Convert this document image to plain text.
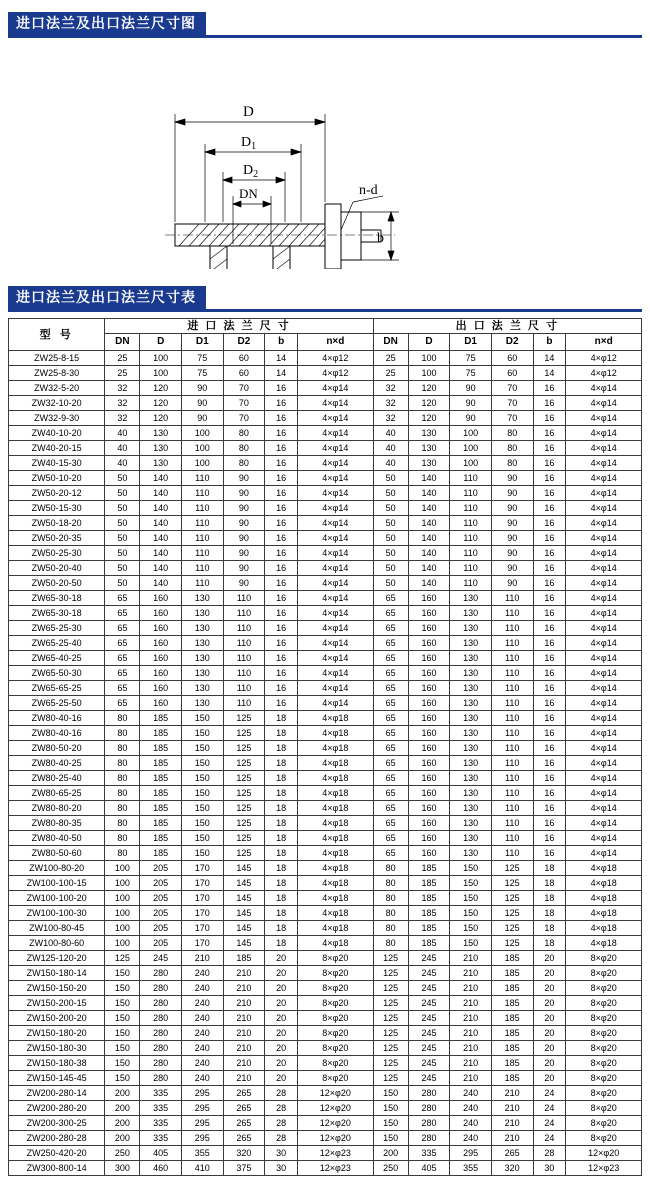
进口法兰及出口法兰尺寸图
D
$D_1$
$D_2$
DN	n-d
b
进口法兰及出口法兰尺寸表
型 号	进 口 法 兰 尺 寸						出 口 法 兰 尺 寸					
	DN	D	D1	D2	b	n×d	DN	D	D1	D2	b	n×d
ZW25-8-15	25	100	75	60	14	4×φ12	25	100	75	60	14	4×φ12
ZW25-8-30	25	100	75	60	14	4×φ12	25	100	75	60	14	4×φ12
ZW32-5-20	32	120	90	70	16	4×φ14	32	120	90	70	16	4×φ14
ZW32-10-20	32	120	90	70	16	4×φ14	32	120	90	70	16	4×φ14
ZW32-9-30	32	120	90	70	16	4×φ14	32	120	90	70	16	4×φ14
ZW40-10-20	40	130	100	80	16	4×φ14	40	130	100	80	16	4×φ14
ZW40-20-15	40	130	100	80	16	4×φ14	40	130	100	80	16	4×φ14
ZW40-15-30	40	130	100	80	16	4×φ14	40	130	100	80	16	4×φ14
ZW50-10-20	50	140	110	90	16	4×φ14	50	140	110	90	16	4×φ14
ZW50-20-12	50	140	110	90	16	4×φ14	50	140	110	90	16	4×φ14
ZW50-15-30	50	140	110	90	16	4×φ14	50	140	110	90	16	4×φ14
ZW50-18-20	50	140	110	90	16	4×φ14	50	140	110	90	16	4×φ14
ZW50-20-35	50	140	110	90	16	4×φ14	50	140	110	90	16	4×φ14
ZW50-25-30	50	140	110	90	16	4×φ14	50	140	110	90	16	4×φ14
ZW50-20-40	50	140	110	90	16	4×φ14	50	140	110	90	16	4×φ14
ZW50-20-50	50	140	110	90	16	4×φ14	50	140	110	90	16	4×φ14
ZW65-30-18	65	160	130	110	16	4×φ14	65	160	130	110	16	4×φ14
ZW65-30-18	65	160	130	110	16	4×φ14	65	160	130	110	16	4×φ14
ZW65-25-30	65	160	130	110	16	4×φ14	65	160	130	110	16	4×φ14
ZW65-25-40	65	160	130	110	16	4×φ14	65	160	130	110	16	4×φ14
ZW65-40-25	65	160	130	110	16	4×φ14	65	160	130	110	16	4×φ14
ZW65-50-30	65	160	130	110	16	4×φ14	65	160	130	110	16	4×φ14
ZW65-65-25	65	160	130	110	16	4×φ14	65	160	130	110	16	4×φ14
ZW65-25-50	65	160	130	110	16	4×φ14	65	160	130	110	16	4×φ14
ZW80-40-16	80	185	150	125	18	4×φ18	65	160	130	110	16	4×φ14
ZW80-40-16	80	185	150	125	18	4×φ18	65	160	130	110	16	4×φ14
ZW80-50-20	80	185	150	125	18	4×φ18	65	160	130	110	16	4×φ14
ZW80-40-25	80	185	150	125	18	4×φ18	65	160	130	110	16	4×φ14
ZW80-25-40	80	185	150	125	18	4×φ18	65	160	130	110	16	4×φ14
ZW80-65-25	80	185	150	125	18	4×φ18	65	160	130	110	16	4×φ14
ZW80-80-20	80	185	150	125	18	4×φ18	65	160	130	110	16	4×φ14
ZW80-80-35	80	185	150	125	18	4×φ18	65	160	130	110	16	4×φ14
ZW80-40-50	80	185	150	125	18	4×φ18	65	160	130	110	16	4×φ14
ZW80-50-60	80	185	150	125	18	4×φ18	65	160	130	110	16	4×φ14
ZW100-80-20	100	205	170	145	18	4×φ18	80	185	150	125	18	4×φ18
ZW100-100-15	100	205	170	145	18	4×φ18	80	185	150	125	18	4×φ18
ZW100-100-20	100	205	170	145	18	4×φ18	80	185	150	125	18	4×φ18
ZW100-100-30	100	205	170	145	18	4×φ18	80	185	150	125	18	4×φ18
ZW100-80-45	100	205	170	145	18	4×φ18	80	185	150	125	18	4×φ18
ZW100-80-60	100	205	170	145	18	4×φ18	80	185	150	125	18	4×φ18
ZW125-120-20	125	245	210	185	20	8×φ20	125	245	210	185	20	8×φ20
ZW150-180-14	150	280	240	210	20	8×φ20	125	245	210	185	20	8×φ20
ZW150-150-20	150	280	240	210	20	8×φ20	125	245	210	185	20	8×φ20
ZW150-200-15	150	280	240	210	20	8×φ20	125	245	210	185	20	8×φ20
ZW150-200-20	150	280	240	210	20	8×φ20	125	245	210	185	20	8×φ20
ZW150-180-20	150	280	240	210	20	8×φ20	125	245	210	185	20	8×φ20
ZW150-180-30	150	280	240	210	20	8×φ20	125	245	210	185	20	8×φ20
ZW150-180-38	150	280	240	210	20	8×φ20	125	245	210	185	20	8×φ20
ZW150-145-45	150	280	240	210	20	8×φ20	125	245	210	185	20	8×φ20
ZW200-280-14	200	335	295	265	28	12×φ20	150	280	240	210	24	8×φ20
ZW200-280-20	200	335	295	265	28	12×φ20	150	280	240	210	24	8×φ20
ZW200-300-25	200	335	295	265	28	12×φ20	150	280	240	210	24	8×φ20
ZW200-280-28	200	335	295	265	28	12×φ20	150	280	240	210	24	8×φ20
ZW250-420-20	250	405	355	320	30	12×φ23	200	335	295	265	28	12×φ20
ZW300-800-14	300	460	410	375	30	12×φ23	250	405	355	320	30	12×φ23
